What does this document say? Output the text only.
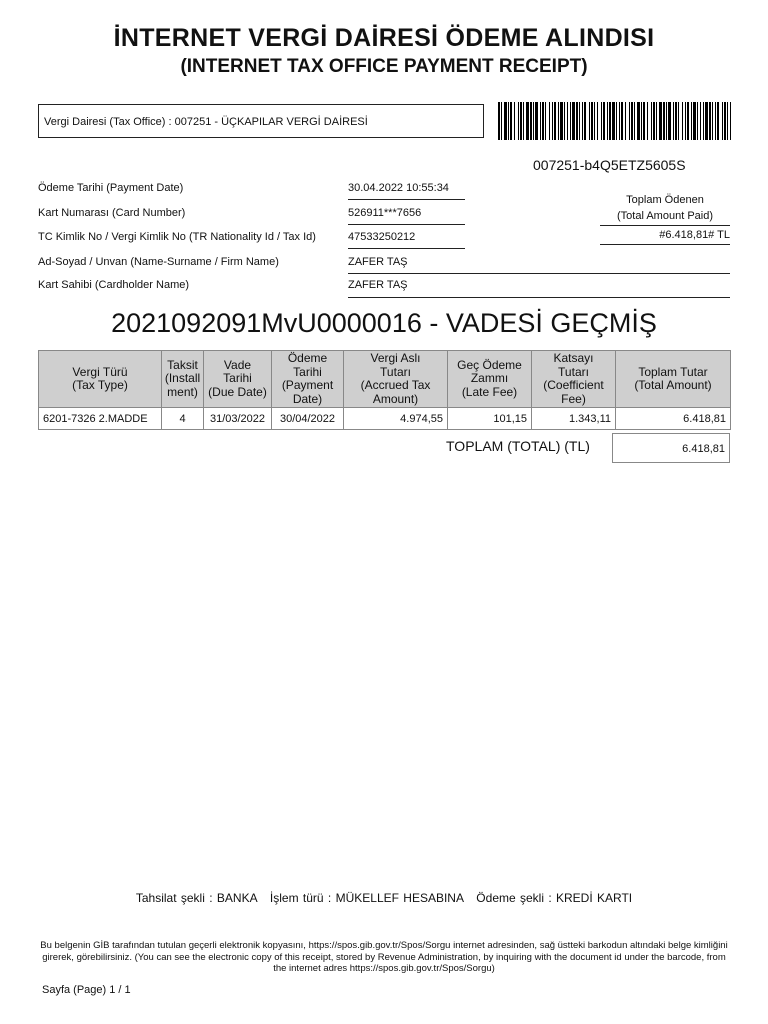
İNTERNET VERGİ DAİRESİ ÖDEME ALINDISI
(INTERNET TAX OFFICE PAYMENT RECEIPT)
Vergi Dairesi (Tax Office) : 007251 - ÜÇKAPILAR VERGİ DAİRESİ
007251-b4Q5ETZ5605S
Ödeme Tarihi (Payment Date)	30.04.2022 10:55:34
Kart Numarası (Card Number)	526911***7656
TC Kimlik No / Vergi Kimlik No (TR Nationality Id / Tax Id)	47533250212
Ad-Soyad / Unvan (Name-Surname / Firm Name)	ZAFER TAŞ
Kart Sahibi (Cardholder Name)	ZAFER TAŞ
Toplam Ödenen
(Total Amount Paid)
#6.418,81# TL
2021092091MvU0000016 - VADESİ GEÇMİŞ
Vergi Türü
(Tax Type)	Taksit
(Install
ment)	Vade
Tarihi
(Due Date)	Ödeme
Tarihi
(Payment
Date)	Vergi Aslı
Tutarı
(Accrued Tax
Amount)	Geç Ödeme
Zammı
(Late Fee)	Katsayı
Tutarı
(Coefficient
Fee)	Toplam Tutar
(Total Amount)
6201-7326 2.MADDE	4	31/03/2022	30/04/2022	4.974,55	101,15	1.343,11	6.418,81
TOPLAM (TOTAL) (TL)	6.418,81
Tahsilat şekli : BANKA   İşlem türü : MÜKELLEF HESABINA   Ödeme şekli : KREDİ KARTI
Bu belgenin GİB tarafından tutulan geçerli elektronik kopyasını, https://spos.gib.gov.tr/Spos/Sorgu internet adresinden, sağ üstteki barkodun altındaki belge kimliğini girerek, görebilirsiniz. (You can see the electronic copy of this receipt, stored by Revenue Administration, by inquiring with the document id under the barcode, from the internet adres https://spos.gib.gov.tr/Spos/Sorgu)
Sayfa (Page) 1 / 1
